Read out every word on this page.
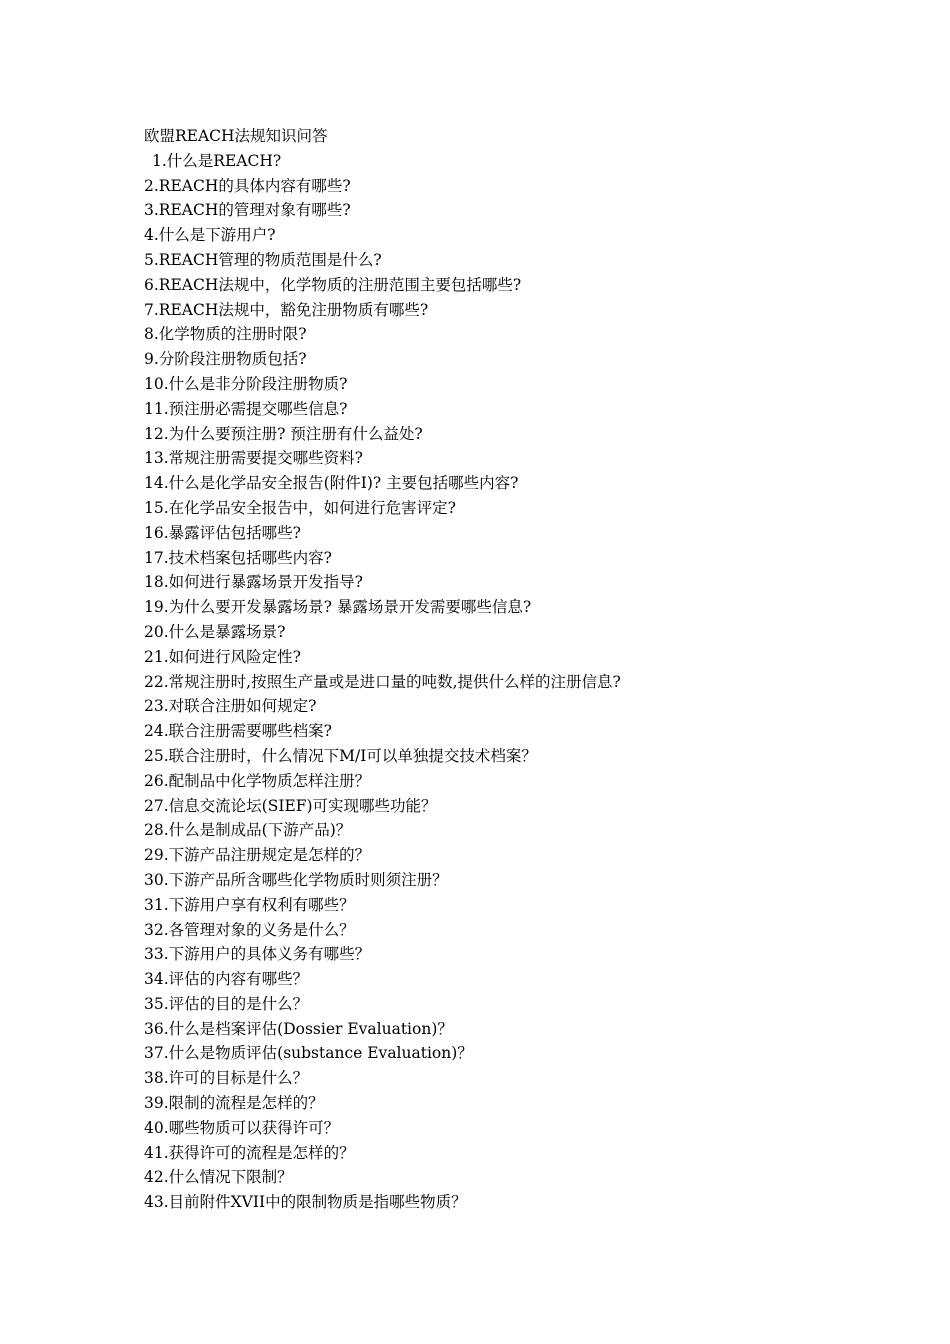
欧盟REACH法规知识问答
1.什么是REACH?
2.REACH的具体内容有哪些?
3.REACH的管理对象有哪些?
4.什么是下游用户?
5.REACH管理的物质范围是什么?
6.REACH法规中，化学物质的注册范围主要包括哪些?
7.REACH法规中，豁免注册物质有哪些?
8.化学物质的注册时限?
9.分阶段注册物质包括?
10.什么是非分阶段注册物质?
11.预注册必需提交哪些信息?
12.为什么要预注册? 预注册有什么益处?
13.常规注册需要提交哪些资料?
14.什么是化学品安全报告(附件I)? 主要包括哪些内容?
15.在化学品安全报告中，如何进行危害评定?
16.暴露评估包括哪些?
17.技术档案包括哪些内容?
18.如何进行暴露场景开发指导?
19.为什么要开发暴露场景? 暴露场景开发需要哪些信息?
20.什么是暴露场景?
21.如何进行风险定性?
22.常规注册时,按照生产量或是进口量的吨数,提供什么样的注册信息?
23.对联合注册如何规定?
24.联合注册需要哪些档案?
25.联合注册时，什么情况下M/I可以单独提交技术档案？
26.配制品中化学物质怎样注册？
27.信息交流论坛(SIEF)可实现哪些功能？
28.什么是制成品(下游产品)？
29.下游产品注册规定是怎样的？
30.下游产品所含哪些化学物质时则须注册？
31.下游用户享有权利有哪些？
32.各管理对象的义务是什么？
33.下游用户的具体义务有哪些？
34.评估的内容有哪些？
35.评估的目的是什么？
36.什么是档案评估(Dossier Evaluation)？
37.什么是物质评估(substance Evaluation)？
38.许可的目标是什么？
39.限制的流程是怎样的？
40.哪些物质可以获得许可？
41.获得许可的流程是怎样的？
42.什么情况下限制？
43.目前附件XVII中的限制物质是指哪些物质？
